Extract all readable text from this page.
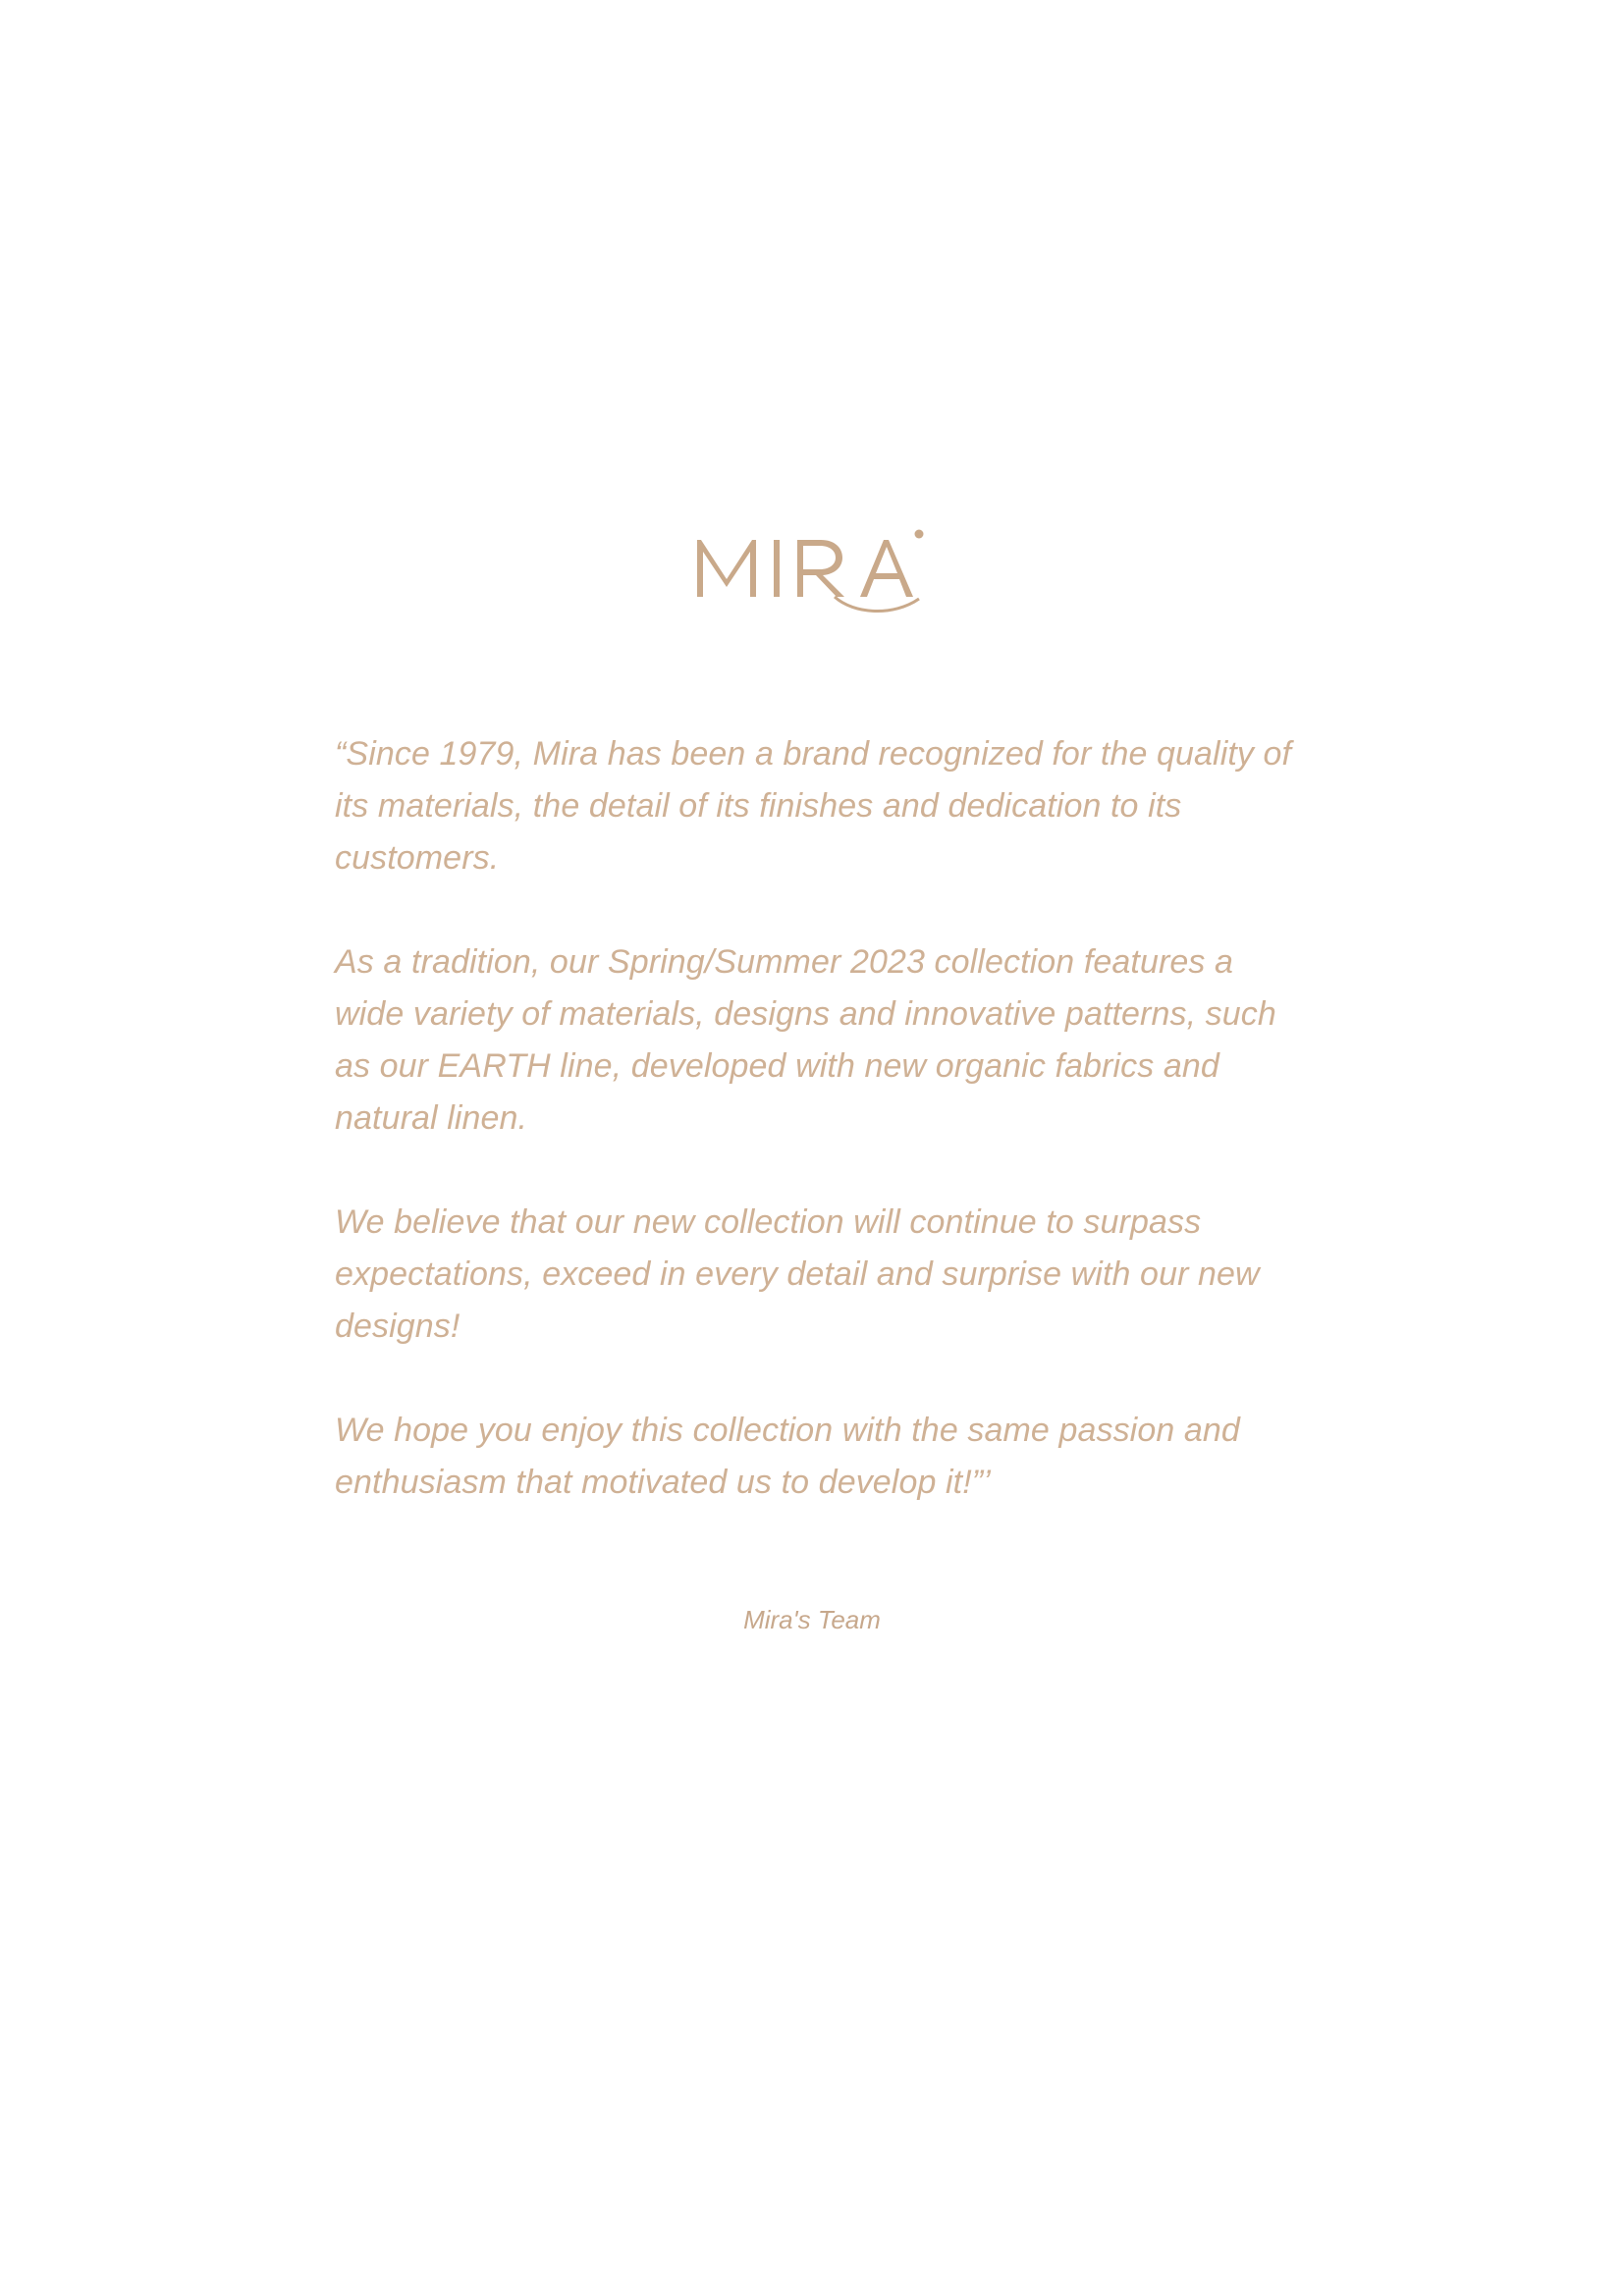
“Since 1979, Mira has been a brand recognized for the quality of its materials, the detail of its finishes and dedication to its customers.

As a tradition, our Spring/Summer 2023 collection features a wide variety of materials, designs and innovative patterns, such as our EARTH line, developed with new organic fabrics and natural linen.

We believe that our new collection will continue to surpass expectations, exceed in every detail and surprise with our new designs!

We hope you enjoy this collection with the same passion and enthusiasm that motivated us to develop it!”’

Mira's Team
